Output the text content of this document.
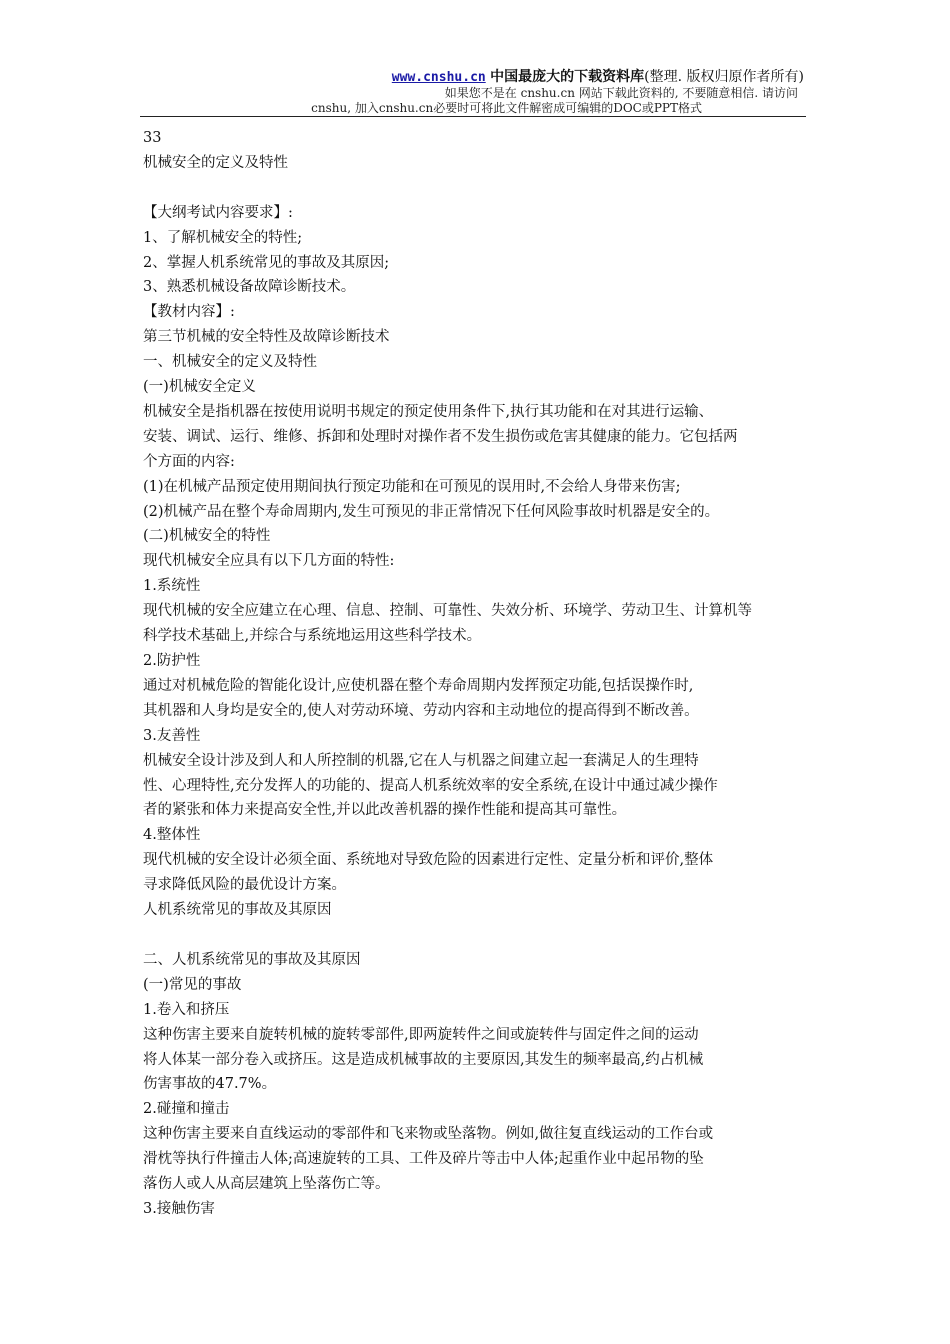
www.cnshu.cn 中国最庞大的下载资料库(整理. 版权归原作者所有)
如果您不是在 cnshu.cn 网站下载此资料的, 不要随意相信. 请访问
cnshu, 加入cnshu.cn必要时可将此文件解密成可编辑的DOC或PPT格式

33

机械安全的定义及特性

【大纲考试内容要求】:

1、了解机械安全的特性;

2、掌握人机系统常见的事故及其原因;

3、熟悉机械设备故障诊断技术。

【教材内容】:

第三节机械的安全特性及故障诊断技术

一、机械安全的定义及特性

(一)机械安全定义

机械安全是指机器在按使用说明书规定的预定使用条件下,执行其功能和在对其进行运输、

安装、调试、运行、维修、拆卸和处理时对操作者不发生损伤或危害其健康的能力。它包括两

个方面的内容:

(1)在机械产品预定使用期间执行预定功能和在可预见的误用时,不会给人身带来伤害;

(2)机械产品在整个寿命周期内,发生可预见的非正常情况下任何风险事故时机器是安全的。

(二)机械安全的特性

现代机械安全应具有以下几方面的特性:

1.系统性

现代机械的安全应建立在心理、信息、控制、可靠性、失效分析、环境学、劳动卫生、计算机等

科学技术基础上,并综合与系统地运用这些科学技术。

2.防护性

通过对机械危险的智能化设计,应使机器在整个寿命周期内发挥预定功能,包括误操作时,

其机器和人身均是安全的,使人对劳动环境、劳动内容和主动地位的提高得到不断改善。

3.友善性

机械安全设计涉及到人和人所控制的机器,它在人与机器之间建立起一套满足人的生理特

性、心理特性,充分发挥人的功能的、提高人机系统效率的安全系统,在设计中通过减少操作

者的紧张和体力来提高安全性,并以此改善机器的操作性能和提高其可靠性。

4.整体性

现代机械的安全设计必须全面、系统地对导致危险的因素进行定性、定量分析和评价,整体

寻求降低风险的最优设计方案。

人机系统常见的事故及其原因

二、人机系统常见的事故及其原因

(一)常见的事故

1.卷入和挤压

这种伤害主要来自旋转机械的旋转零部件,即两旋转件之间或旋转件与固定件之间的运动

将人体某一部分卷入或挤压。这是造成机械事故的主要原因,其发生的频率最高,约占机械

伤害事故的47.7%。

2.碰撞和撞击

这种伤害主要来自直线运动的零部件和飞来物或坠落物。例如,做往复直线运动的工作台或

滑枕等执行件撞击人体;高速旋转的工具、工件及碎片等击中人体;起重作业中起吊物的坠

落伤人或人从高层建筑上坠落伤亡等。

3.接触伤害
